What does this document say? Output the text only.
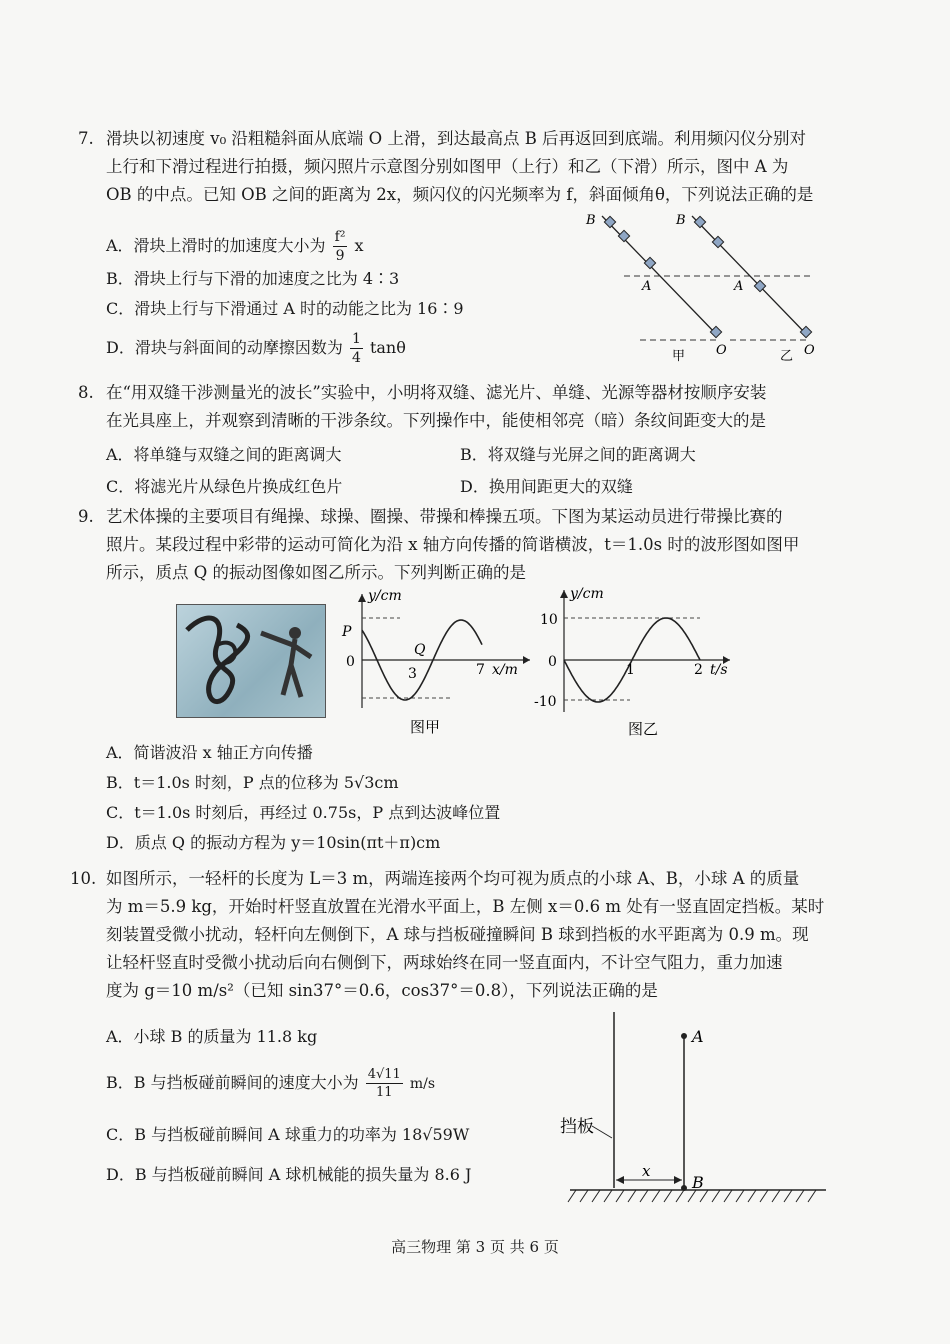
7. 滑块以初速度 v₀ 沿粗糙斜面从底端 O 上滑，到达最高点 B 后再返回到底端。利用频闪仪分别对
上行和下滑过程进行拍摄，频闪照片示意图分别如图甲（上行）和乙（下滑）所示，图中 A 为
OB 的中点。已知 OB 之间的距离为 2x，频闪仪的闪光频率为 f，斜面倾角θ，下列说法正确的是
A．滑块上滑时的加速度大小为 $\frac{\text{f²}}{9}$ x
B．滑块上行与下滑的加速度之比为 4∶3
C．滑块上行与下滑通过 A 时的动能之比为 16∶9
D．滑块与斜面间的动摩擦因数为 $\frac{1}{4}$ tanθ
B
A
O
甲
B
A
O
乙
8. 在“用双缝干涉测量光的波长”实验中，小明将双缝、滤光片、单缝、光源等器材按顺序安装
在光具座上，并观察到清晰的干涉条纹。下列操作中，能使相邻亮（暗）条纹间距变大的是
A．将单缝与双缝之间的距离调大	B．将双缝与光屏之间的距离调大
C．将滤光片从绿色片换成红色片	D．换用间距更大的双缝
9. 艺术体操的主要项目有绳操、球操、圈操、带操和棒操五项。下图为某运动员进行带操比赛的
照片。某段过程中彩带的运动可简化为沿 x 轴方向传播的简谐横波，t＝1.0s 时的波形图如图甲
所示，质点 Q 的振动图像如图乙所示。下列判断正确的是
y/cm
P
Q
0
3	7 x/m
图甲
y/cm
10
-10
0	1	2 t/s
图乙
A．简谐波沿 x 轴正方向传播
B．t＝1.0s 时刻，P 点的位移为 5√3cm
C．t＝1.0s 时刻后，再经过 0.75s，P 点到达波峰位置
D．质点 Q 的振动方程为 y＝10sin(πt＋π)cm
10. 如图所示，一轻杆的长度为 L＝3 m，两端连接两个均可视为质点的小球 A、B，小球 A 的质量
为 m＝5.9 kg，开始时杆竖直放置在光滑水平面上，B 左侧 x＝0.6 m 处有一竖直固定挡板。某时
刻装置受微小扰动，轻杆向左侧倒下，A 球与挡板碰撞瞬间 B 球到挡板的水平距离为 0.9 m。现
让轻杆竖直时受微小扰动后向右侧倒下，两球始终在同一竖直面内，不计空气阻力，重力加速
度为 g＝10 m/s²（已知 sin37°＝0.6，cos37°＝0.8），下列说法正确的是
A．小球 B 的质量为 11.8 kg
B．B 与挡板碰前瞬间的速度大小为 $\frac{4√11}{11} m/s$
C．B 与挡板碰前瞬间 A 球重力的功率为 18√59W
D．B 与挡板碰前瞬间 A 球机械能的损失量为 8.6 J
A
B
挡板
x
高三物理 第 3 页 共 6 页
